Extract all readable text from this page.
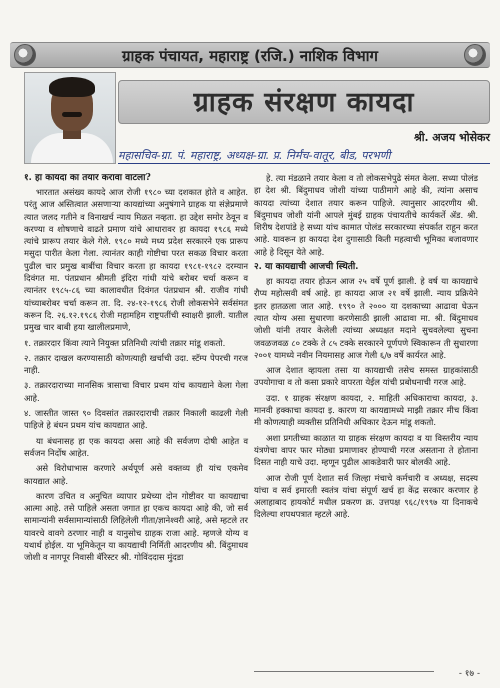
ग्राहक पंचायत, महाराष्ट्र (रजि.) नाशिक विभाग
ग्राहक संरक्षण कायदा
श्री. अजय भोसेकर
महासचिव-ग्रा. पं. महाराष्ट्र, अध्यक्ष-ग्रा. प्र. निर्मंच-वातूर, बीड, परभणी
१. हा कायदा का तयार करावा वाटला?

भारतात असंख्य कायदे आज रोजी १९८० च्या दशकात होते व आहेत. परंतु आज अस्तित्वात असणाऱ्या कायद्यांच्या अनुषंगाने ग्राहक या संज्ञेप्रमाणे त्यात जलद गतीने व विनाखर्च न्याय मिळत नव्हता. हा उद्देश समोर ठेवून व करण्या व शोषणाचे वाढते प्रमाण यांचे आधारावर हा कायदा १९८६ मध्ये त्यांचे प्रारूप तयार केले गेले. १९८० मध्ये मध्य प्रदेश सरकारने एक प्रारूप मसुदा पारीत केला गेला. त्यानंतर काही गोष्टीचा परत सकळ विचार करता पुढील चार प्रमुख बाबींचा विचार करता हा कायदा १९८१-१९८२ दरम्यान दिवंगत मा. पंतप्रधान श्रीमती इंदिरा गांधी यांचे बरोबर चर्चा करून व त्यानंतर १९८५-८६ च्या कालावधीत दिवंगत पंतप्रधान श्री. राजीव गांधी यांच्याबरोबर चर्चा करून ता. दि. २४-१२-१९८६ रोजी लोकसभेने सर्वसंमत करून दि. २६.१२.१९८६ रोजी महामहिम राष्ट्रपतींची स्वाक्षरी झाली. यातील प्रमुख चार बाबी हया खालीलप्रमाणे,

१. तक्रारदार किंवा त्याने नियुक्त प्रतिनिधी त्यांची तक्रार मांडू शकतो.

२. तक्रार दाखल करण्यासाठी कोणत्याही खर्चाची उदा. स्टॅम्प पेपरची गरज नाही.

३. तक्रारदाराच्या मानसिक त्रासाचा विचार प्रथम यांच कायद्याने केला गेला आहे.

४. जास्तीत जास्त ९० दिवसांत तक्रारदाराची तक्रार निकाली काढली गेली पाहिजे हे बंधन प्रथम यांच कायद्यात आहे.

या बंधनासह हा एक कायदा असा आहे की सर्वजण दोषी आहेत व सर्वजन निर्दोष आहेत.

असे विरोधाभास करणारे अर्थपूर्ण असे वक्तव्य ही यांच एकमेव कायद्यात आहे.

कारण उचित व अनुचित व्यापार प्रथेच्या दोन गोष्टीवर या कायद्याचा आत्मा आहे. तसे पाहिले असता जगात हा एकच कायदा आहे की, जो सर्व सामान्यांनी सर्वसामान्यांसाठी लिहिलेली गीता/ज्ञानेश्वरी आहे, असे म्हटले तर यावरचे वावगे ठरणार नाही व यानुसोच ग्राहक राजा आहे. म्हणजे योग्य व यथार्थ होईल. या भूमिकेतून या कायद्याची निर्मिती आदरणीय श्री. बिंदुमाधव जोशी व नागपूर निवासी बॅरिस्टर श्री. गोविंददास मुंदडा

हे. त्या मंडळाने तयार केला व तो लोकसभेपुढे संमत केला. सध्या पोलंड हा देश श्री. बिंदुमाधव जोशी यांच्या पाठीमागे आहे की, त्यांना असाच कायदा त्यांच्या देशात तयार करून पाहिजे. त्यानुसार आदरणीय श्री. बिंदुमाधव जोशी यांनी आपले मुंबई ग्राहक पंचायतीचे कार्यकर्ते ॲड. श्री. शिरीष देशपांडे हे सध्या यांच कामात पोलंड सरकारच्या संपर्कात राहून करत आहे. यावरून हा कायदा देश दुगासाठी किती महत्वाची भूमिका बजावणार आहे हे दिसून येते आहे.

२. या कायद्याची आजची स्थिती.

हा कायदा तयार होऊन आज २५ वर्षे पूर्ण झाली. हे वर्ष या कायद्याचे रौप्य महोत्सवी वर्ष आहे. हा कायदा आज २१ वर्षे झाली. न्याय प्रक्रियेने इतर हातळला जात आहे. १९९० ते २००० या दशकाच्या आढावा घेऊन त्यात योग्य असा सुधारणा करणेसाठी झाली आढावा मा. श्री. बिंदुमाधव जोशी यांनी तयार केलेली त्यांच्या अध्यक्षत मदाने सुचवलेल्या सुचना जवळजवळ ८० टक्के ते ८५ टक्के सरकारने पूर्णपणे स्विकारून ती सुधारणा २००१ यामध्ये नवीन नियमासह आज गेली ६/७ वर्षे कार्यरत आहे.

आज देशात व्हायला तसा या कायद्याची तसेच समस्त ग्राहकांसाठी उपयोगाचा व तो कसा प्रकारे वापरता येईल यांची प्रबोधनाची गरज आहे.

उदा. १ ग्राहक संरक्षण कायदा, २. माहिती अधिकाराचा कायदा, ३. मानवी हक्काचा कायदा इ. कारण या कायद्यामध्ये माझी तक्रार मीच किंवा मी कोणत्याही व्यक्तीस प्रतिनिधी अधिकार देऊन मांडू शकतो.

अशा प्रगतीच्या काळात या ग्राहक संरक्षण कायदा व या विस्तरीय न्याय यंत्रणेचा वापर फार मोठ्या प्रमाणावर होण्याची गरज असताना ते होताना दिसत नाही याचे उदा. म्हणून पुढील आकडेवारी फार बोलकी आहे.

आज रोजी पूर्ण देशात सर्व जिल्हा मंचाचे कर्मचारी व अध्यक्ष, सदस्य यांचा व सर्व इमारती स्वतंत्र यांचा संपूर्ण खर्च हा केंद्र सरकार करणार हे अलाहाबाद हायकोर्ट मधील प्रकरण क्र. उत्तपक्ष ९६८/१९९७ या दिनाकचे दिलेल्या शपथपत्रात म्हटले आहे.

- १७ -
